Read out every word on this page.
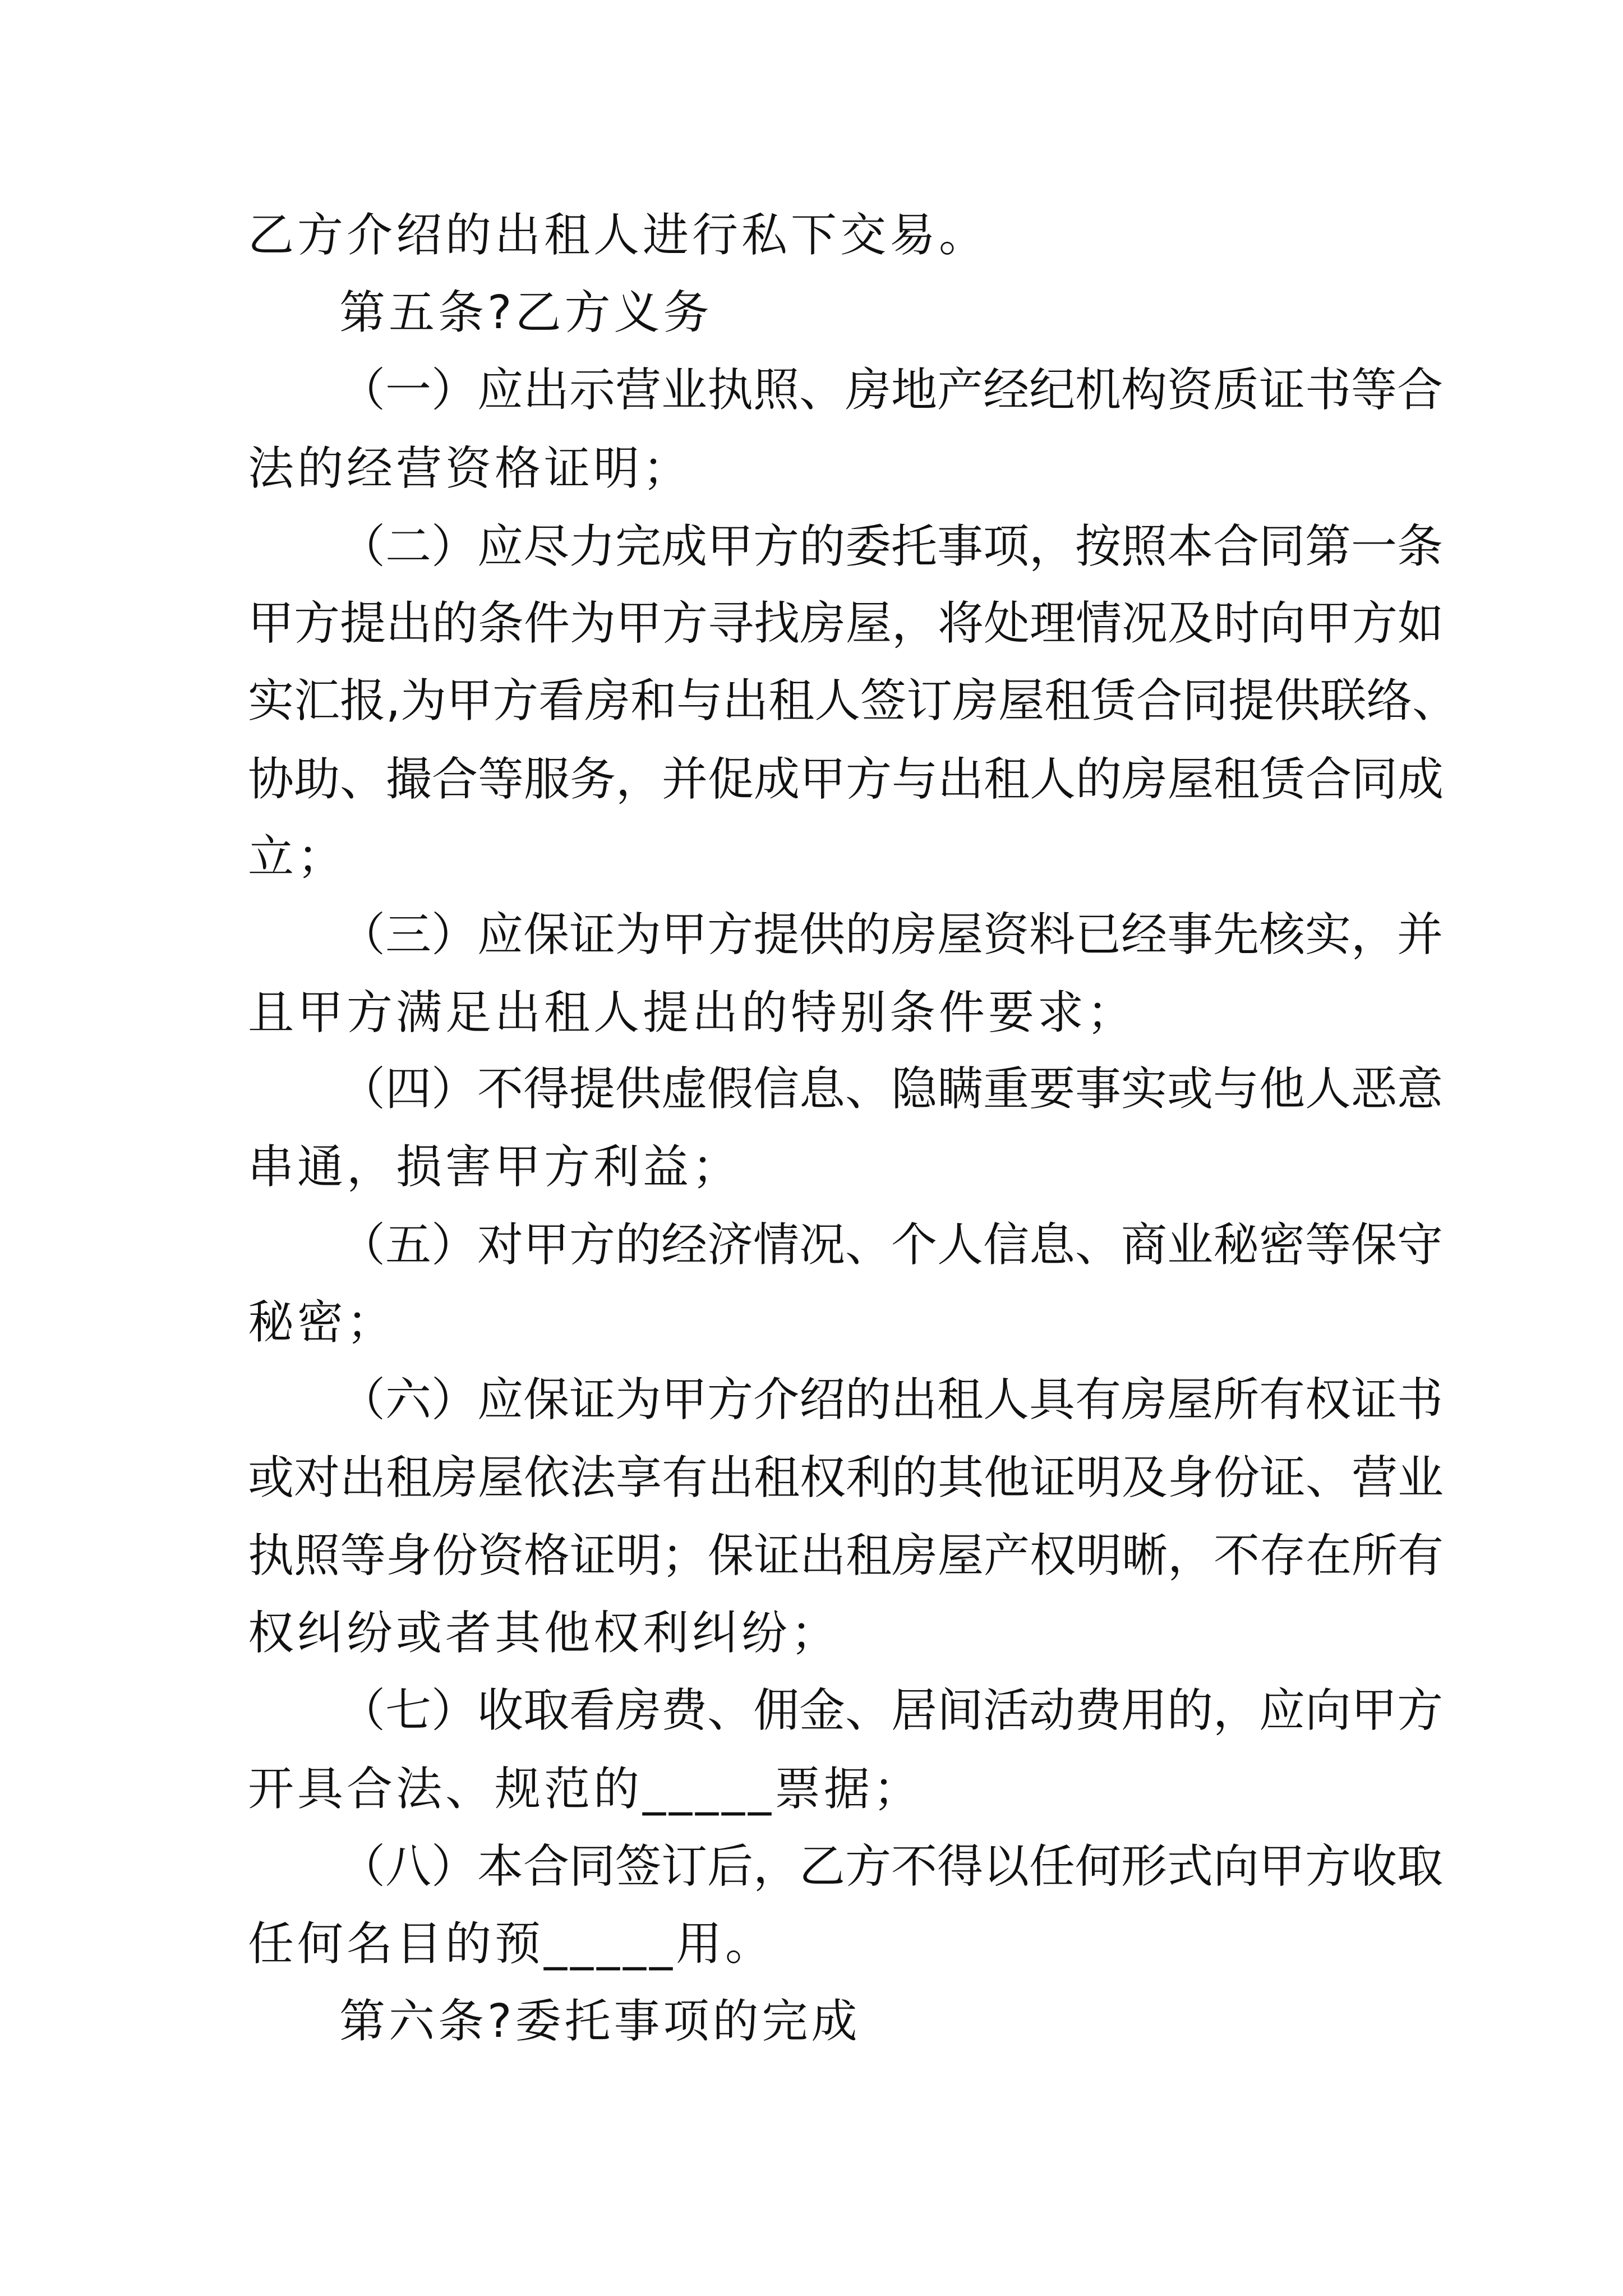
乙方介绍的出租人进行私下交易。

第五条?乙方义务

（一）应出示营业执照、房地产经纪机构资质证书等合

法的经营资格证明；

（二）应尽力完成甲方的委托事项，按照本合同第一条

甲方提出的条件为甲方寻找房屋，将处理情况及时向甲方如

实汇报,为甲方看房和与出租人签订房屋租赁合同提供联络、

协助、撮合等服务，并促成甲方与出租人的房屋租赁合同成

立；

（三）应保证为甲方提供的房屋资料已经事先核实，并

且甲方满足出租人提出的特别条件要求；

（四）不得提供虚假信息、隐瞒重要事实或与他人恶意

串通，损害甲方利益；

（五）对甲方的经济情况、个人信息、商业秘密等保守

秘密；

（六）应保证为甲方介绍的出租人具有房屋所有权证书

或对出租房屋依法享有出租权利的其他证明及身份证、营业

执照等身份资格证明；保证出租房屋产权明晰，不存在所有

权纠纷或者其他权利纠纷；

（七）收取看房费、佣金、居间活动费用的，应向甲方

开具合法、规范的_____票据；

（八）本合同签订后，乙方不得以任何形式向甲方收取

任何名目的预_____用。

第六条?委托事项的完成
